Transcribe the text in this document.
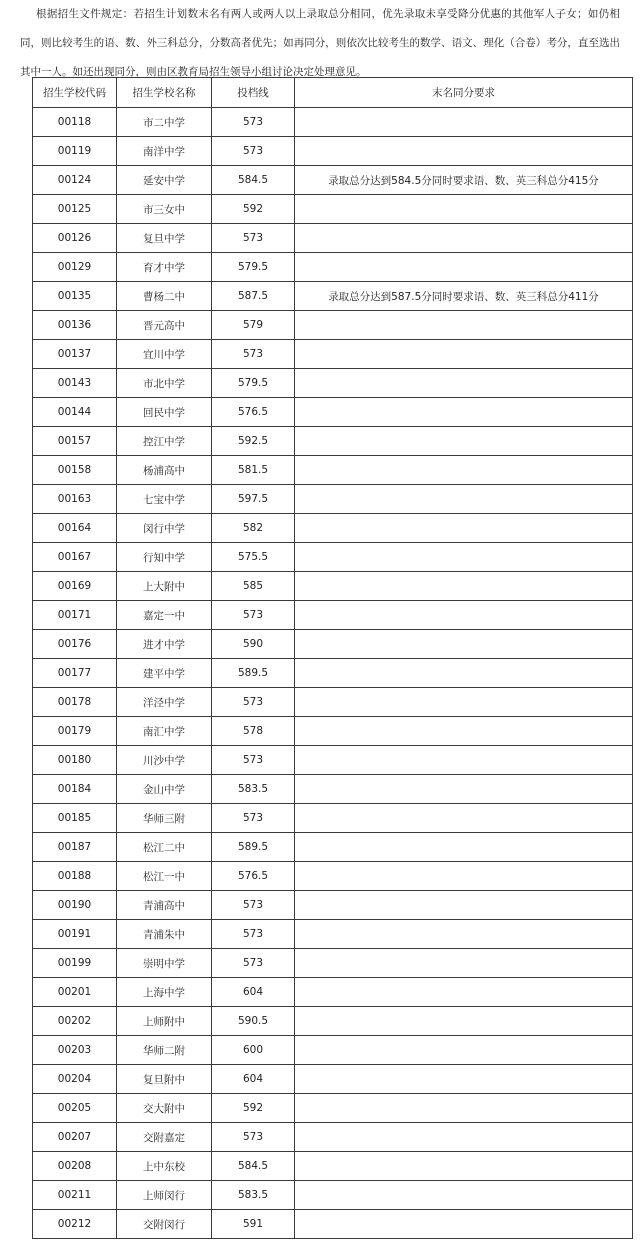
根据招生文件规定：若招生计划数末名有两人或两人以上录取总分相同，优先录取未享受降分优惠的其他军人子女；如仍相同，则比较考生的语、数、外三科总分，分数高者优先；如再同分，则依次比较考生的数学、语文、理化（合卷）考分，直至选出其中一人。如还出现同分，则由区教育局招生领导小组讨论决定处理意见。

招生学校代码	招生学校名称	投档线	末名同分要求
00118	市二中学	573	
00119	南洋中学	573	
00124	延安中学	584.5	录取总分达到584.5分同时要求语、数、英三科总分415分
00125	市三女中	592	
00126	复旦中学	573	
00129	育才中学	579.5	
00135	曹杨二中	587.5	录取总分达到587.5分同时要求语、数、英三科总分411分
00136	晋元高中	579	
00137	宜川中学	573	
00143	市北中学	579.5	
00144	回民中学	576.5	
00157	控江中学	592.5	
00158	杨浦高中	581.5	
00163	七宝中学	597.5	
00164	闵行中学	582	
00167	行知中学	575.5	
00169	上大附中	585	
00171	嘉定一中	573	
00176	进才中学	590	
00177	建平中学	589.5	
00178	洋泾中学	573	
00179	南汇中学	578	
00180	川沙中学	573	
00184	金山中学	583.5	
00185	华师三附	573	
00187	松江二中	589.5	
00188	松江一中	576.5	
00190	青浦高中	573	
00191	青浦朱中	573	
00199	崇明中学	573	
00201	上海中学	604	
00202	上师附中	590.5	
00203	华师二附	600	
00204	复旦附中	604	
00205	交大附中	592	
00207	交附嘉定	573	
00208	上中东校	584.5	
00211	上师闵行	583.5	
00212	交附闵行	591	
